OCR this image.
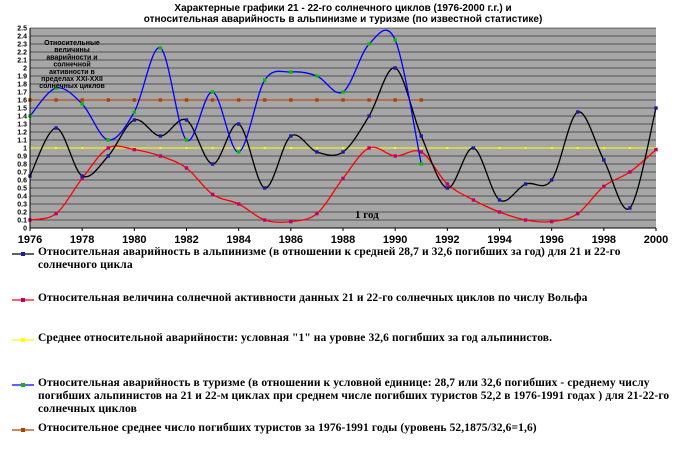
Характерные графики 21 - 22-го солнечного циклов (1976-2000 г.г.) и
относительная аварийность в альпинизме и туризме (по известной статистике)
0
0.1
0.2
0.3
0.4
0.5
0.6
0.7
0.8
0.9
1
1.1
1.2
1.3
1.4
1.5
1.6
1.7
1.8
1.9
2
2.1
2.2
2.3
2.4
2.5
1976	1978	1980	1982	1984	1986	1988	1990	1992	1994	1996	1998	2000
Относительные величины аварийности и солнечной активности в пределах ХХI-ХХII солнечных циклов
1 год
Относительная аварийность в альпинизме (в отношении к средней 28,7 и 32,6 погибших за год) для 21 и 22-го солнечного цикла
Относительная величина солнечной активности данных 21 и 22-го солнечных циклов по числу Вольфа
Среднее относительной аварийности: условная "1" на уровне 32,6 погибших за год альпинистов.
Относительная аварийность в туризме (в отношении к условной единице: 28,7 или 32,6 погибших - среднему числу погибших альпинистов на 21 и 22-м циклах при среднем числе погибших туристов 52,2 в 1976-1991 годах ) для 21-22-го солнечных циклов
Относительное среднее число погибших туристов за 1976-1991 годы (уровень 52,1875/32,6=1,6)
